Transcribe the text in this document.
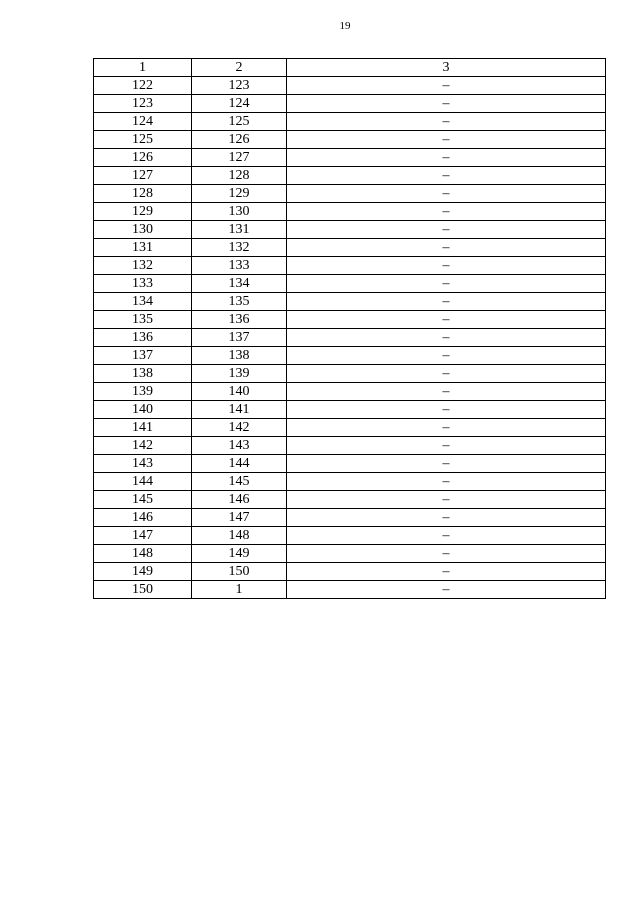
19
1	2	3
122	123	–
123	124	–
124	125	–
125	126	–
126	127	–
127	128	–
128	129	–
129	130	–
130	131	–
131	132	–
132	133	–
133	134	–
134	135	–
135	136	–
136	137	–
137	138	–
138	139	–
139	140	–
140	141	–
141	142	–
142	143	–
143	144	–
144	145	–
145	146	–
146	147	–
147	148	–
148	149	–
149	150	–
150	1	–
